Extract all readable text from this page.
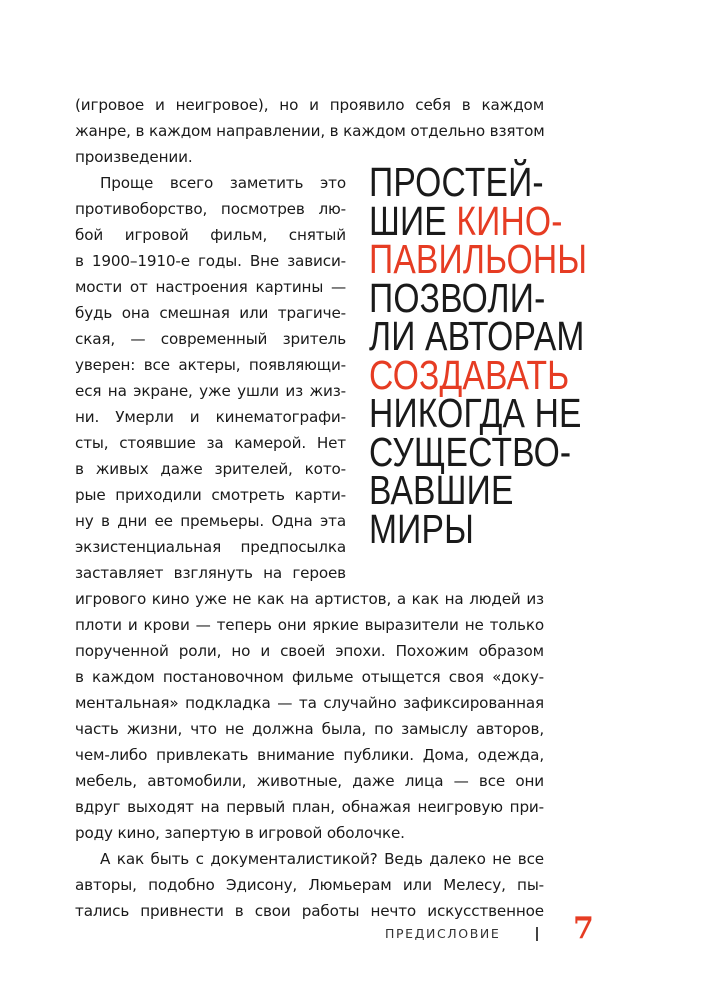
(игровое и неигровое), но и проявило себя в каждом
жанре, в каждом направлении, в каждом отдельно взятом
произведении.
Проще всего заметить это
противоборство, посмотрев лю-
бой игровой фильм, снятый
в 1900–1910-е годы. Вне зависи-
мости от настроения картины —
будь она смешная или трагиче-
ская, — современный зритель
уверен: все актеры, появляющи-
еся на экране, уже ушли из жиз-
ни. Умерли и кинематографи-
сты, стоявшие за камерой. Нет
в живых даже зрителей, кото-
рые приходили смотреть карти-
ну в дни ее премьеры. Одна эта
экзистенциальная предпосылка
заставляет взглянуть на героев
игрового кино уже не как на артистов, а как на людей из
плоти и крови — теперь они яркие выразители не только
порученной роли, но и своей эпохи. Похожим образом
в каждом постановочном фильме отыщется своя «доку-
ментальная» подкладка — та случайно зафиксированная
часть жизни, что не должна была, по замыслу авторов,
чем-либо привлекать внимание публики. Дома, одежда,
мебель, автомобили, животные, даже лица — все они
вдруг выходят на первый план, обнажая неигровую при-
роду кино, запертую в игровой оболочке.
А как быть с документалистикой? Ведь далеко не все
авторы, подобно Эдисону, Люмьерам или Мелесу, пы-
тались привнести в свои работы нечто искусственное
ПРОСТЕЙ-
ШИЕ КИНО-
ПАВИЛЬОНЫ
ПОЗВОЛИ-
ЛИ АВТОРАМ
СОЗДАВАТЬ
НИКОГДА НЕ
СУЩЕСТВО-
ВАВШИЕ
МИРЫ
ПРЕДИСЛОВИЕ 7
